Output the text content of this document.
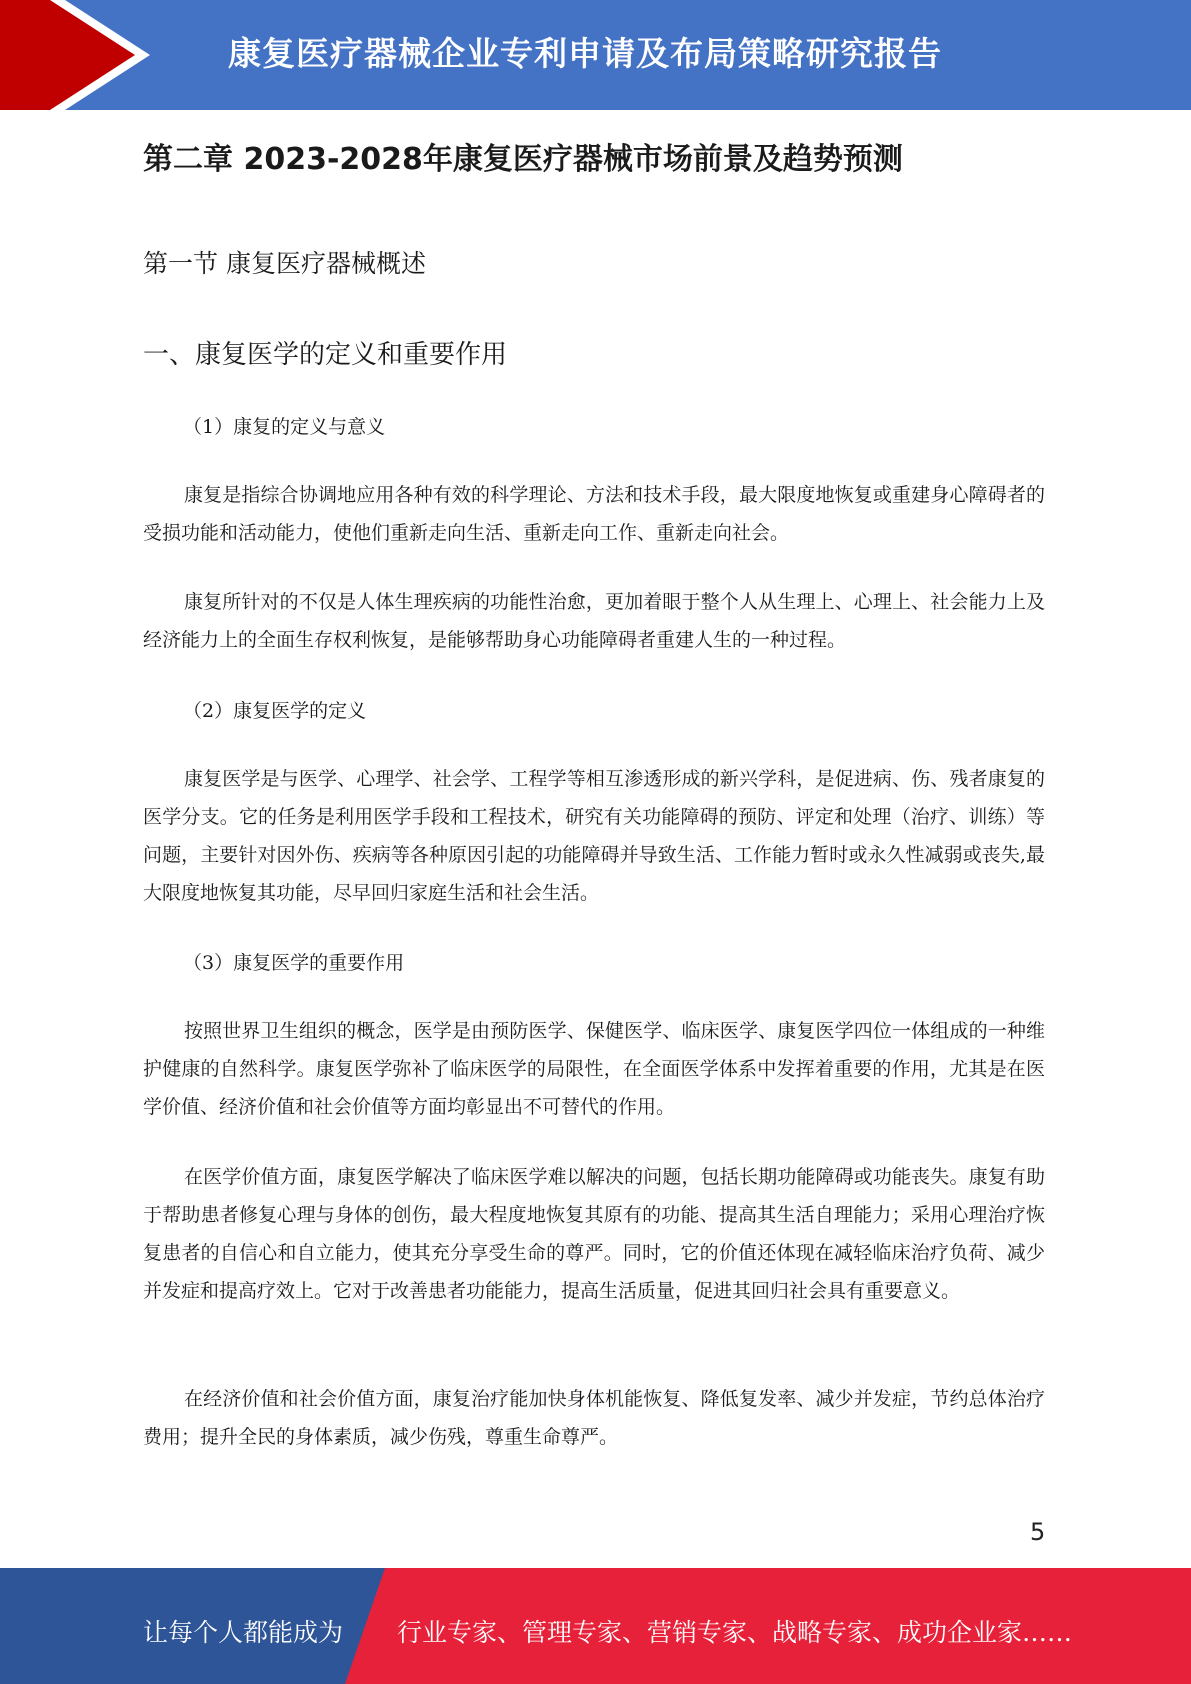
康复医疗器械企业专利申请及布局策略研究报告
第二章 2023-2028年康复医疗器械市场前景及趋势预测
第一节 康复医疗器械概述
一、康复医学的定义和重要作用
（1）康复的定义与意义

康复是指综合协调地应用各种有效的科学理论、方法和技术手段，最大限度地恢复或重建身心障碍者的受损功能和活动能力，使他们重新走向生活、重新走向工作、重新走向社会。

康复所针对的不仅是人体生理疾病的功能性治愈，更加着眼于整个人从生理上、心理上、社会能力上及经济能力上的全面生存权利恢复，是能够帮助身心功能障碍者重建人生的一种过程。

（2）康复医学的定义

康复医学是与医学、心理学、社会学、工程学等相互渗透形成的新兴学科，是促进病、伤、残者康复的医学分支。它的任务是利用医学手段和工程技术，研究有关功能障碍的预防、评定和处理（治疗、训练）等问题，主要针对因外伤、疾病等各种原因引起的功能障碍并导致生活、工作能力暂时或永久性减弱或丧失,最大限度地恢复其功能，尽早回归家庭生活和社会生活。

（3）康复医学的重要作用

按照世界卫生组织的概念，医学是由预防医学、保健医学、临床医学、康复医学四位一体组成的一种维护健康的自然科学。康复医学弥补了临床医学的局限性，在全面医学体系中发挥着重要的作用，尤其是在医学价值、经济价值和社会价值等方面均彰显出不可替代的作用。

在医学价值方面，康复医学解决了临床医学难以解决的问题，包括长期功能障碍或功能丧失。康复有助于帮助患者修复心理与身体的创伤，最大程度地恢复其原有的功能、提高其生活自理能力；采用心理治疗恢复患者的自信心和自立能力，使其充分享受生命的尊严。同时，它的价值还体现在减轻临床治疗负荷、减少并发症和提高疗效上。它对于改善患者功能能力，提高生活质量，促进其回归社会具有重要意义。

在经济价值和社会价值方面，康复治疗能加快身体机能恢复、降低复发率、减少并发症，节约总体治疗费用；提升全民的身体素质，减少伤残，尊重生命尊严。

5
让每个人都能成为 行业专家、管理专家、营销专家、战略专家、成功企业家……
